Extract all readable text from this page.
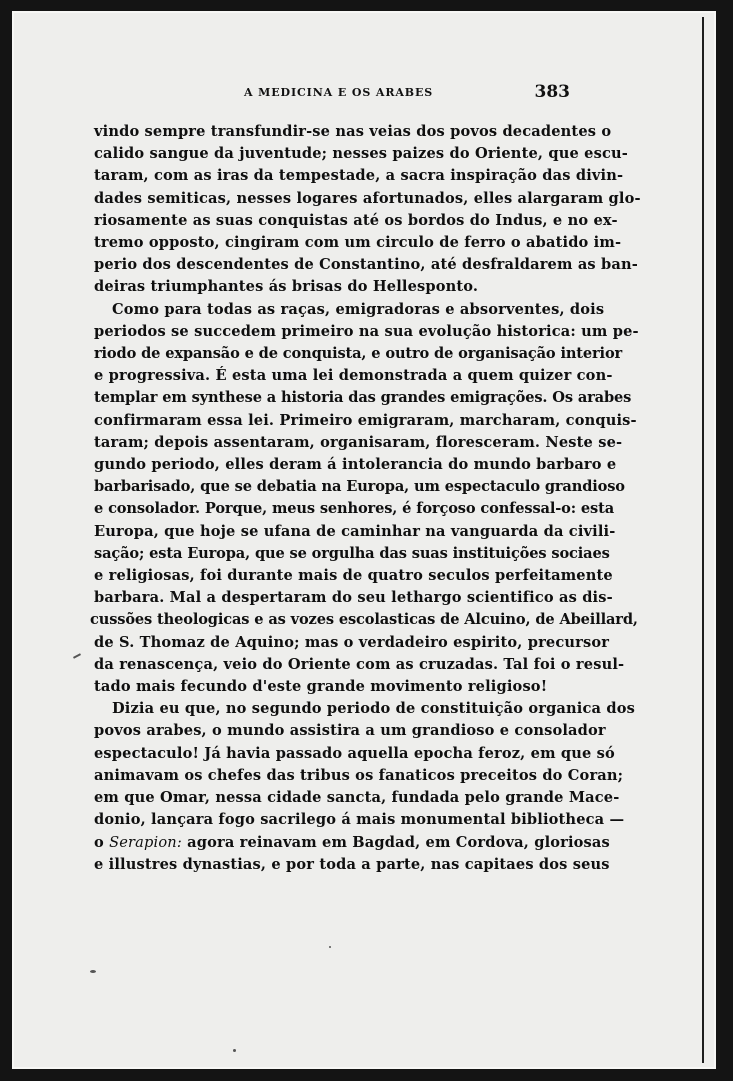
A MEDICINA E OS ARABES	383
vindo sempre transfundir-se nas veias dos povos decadentes o
calido sangue da juventude; nesses paizes do Oriente, que escu-
taram, com as iras da tempestade, a sacra inspiração das divin-
dades semiticas, nesses logares afortunados, elles alargaram glo-
riosamente as suas conquistas até os bordos do Indus, e no ex-
tremo opposto, cingiram com um circulo de ferro o abatido im-
perio dos descendentes de Constantino, até desfraldarem as ban-
deiras triumphantes ás brisas do Hellesponto.
Como para todas as raças, emigradoras e absorventes, dois
periodos se succedem primeiro na sua evolução historica: um pe-
riodo de expansão e de conquista, e outro de organisação interior
e progressiva. É esta uma lei demonstrada a quem quizer con-
templar em synthese a historia das grandes emigrações. Os arabes
confirmaram essa lei. Primeiro emigraram, marcharam, conquis-
taram; depois assentaram, organisaram, floresceram. Neste se-
gundo periodo, elles deram á intolerancia do mundo barbaro e
barbarisado, que se debatia na Europa, um espectaculo grandioso
e consolador. Porque, meus senhores, é forçoso confessal-o: esta
Europa, que hoje se ufana de caminhar na vanguarda da civili-
sação; esta Europa, que se orgulha das suas instituições sociaes
e religiosas, foi durante mais de quatro seculos perfeitamente
barbara. Mal a despertaram do seu lethargo scientifico as dis-
cussões theologicas e as vozes escolasticas de Alcuino, de Abeillard,
de S. Thomaz de Aquino; mas o verdadeiro espirito, precursor
da renascença, veio do Oriente com as cruzadas. Tal foi o resul-
tado mais fecundo d'este grande movimento religioso!
Dizia eu que, no segundo periodo de constituição organica dos
povos arabes, o mundo assistira a um grandioso e consolador
espectaculo! Já havia passado aquella epocha feroz, em que só
animavam os chefes das tribus os fanaticos preceitos do Coran;
em que Omar, nessa cidade sancta, fundada pelo grande Mace-
donio, lançara fogo sacrilego á mais monumental bibliotheca —
o Serapion: agora reinavam em Bagdad, em Cordova, gloriosas
e illustres dynastias, e por toda a parte, nas capitaes dos seus
